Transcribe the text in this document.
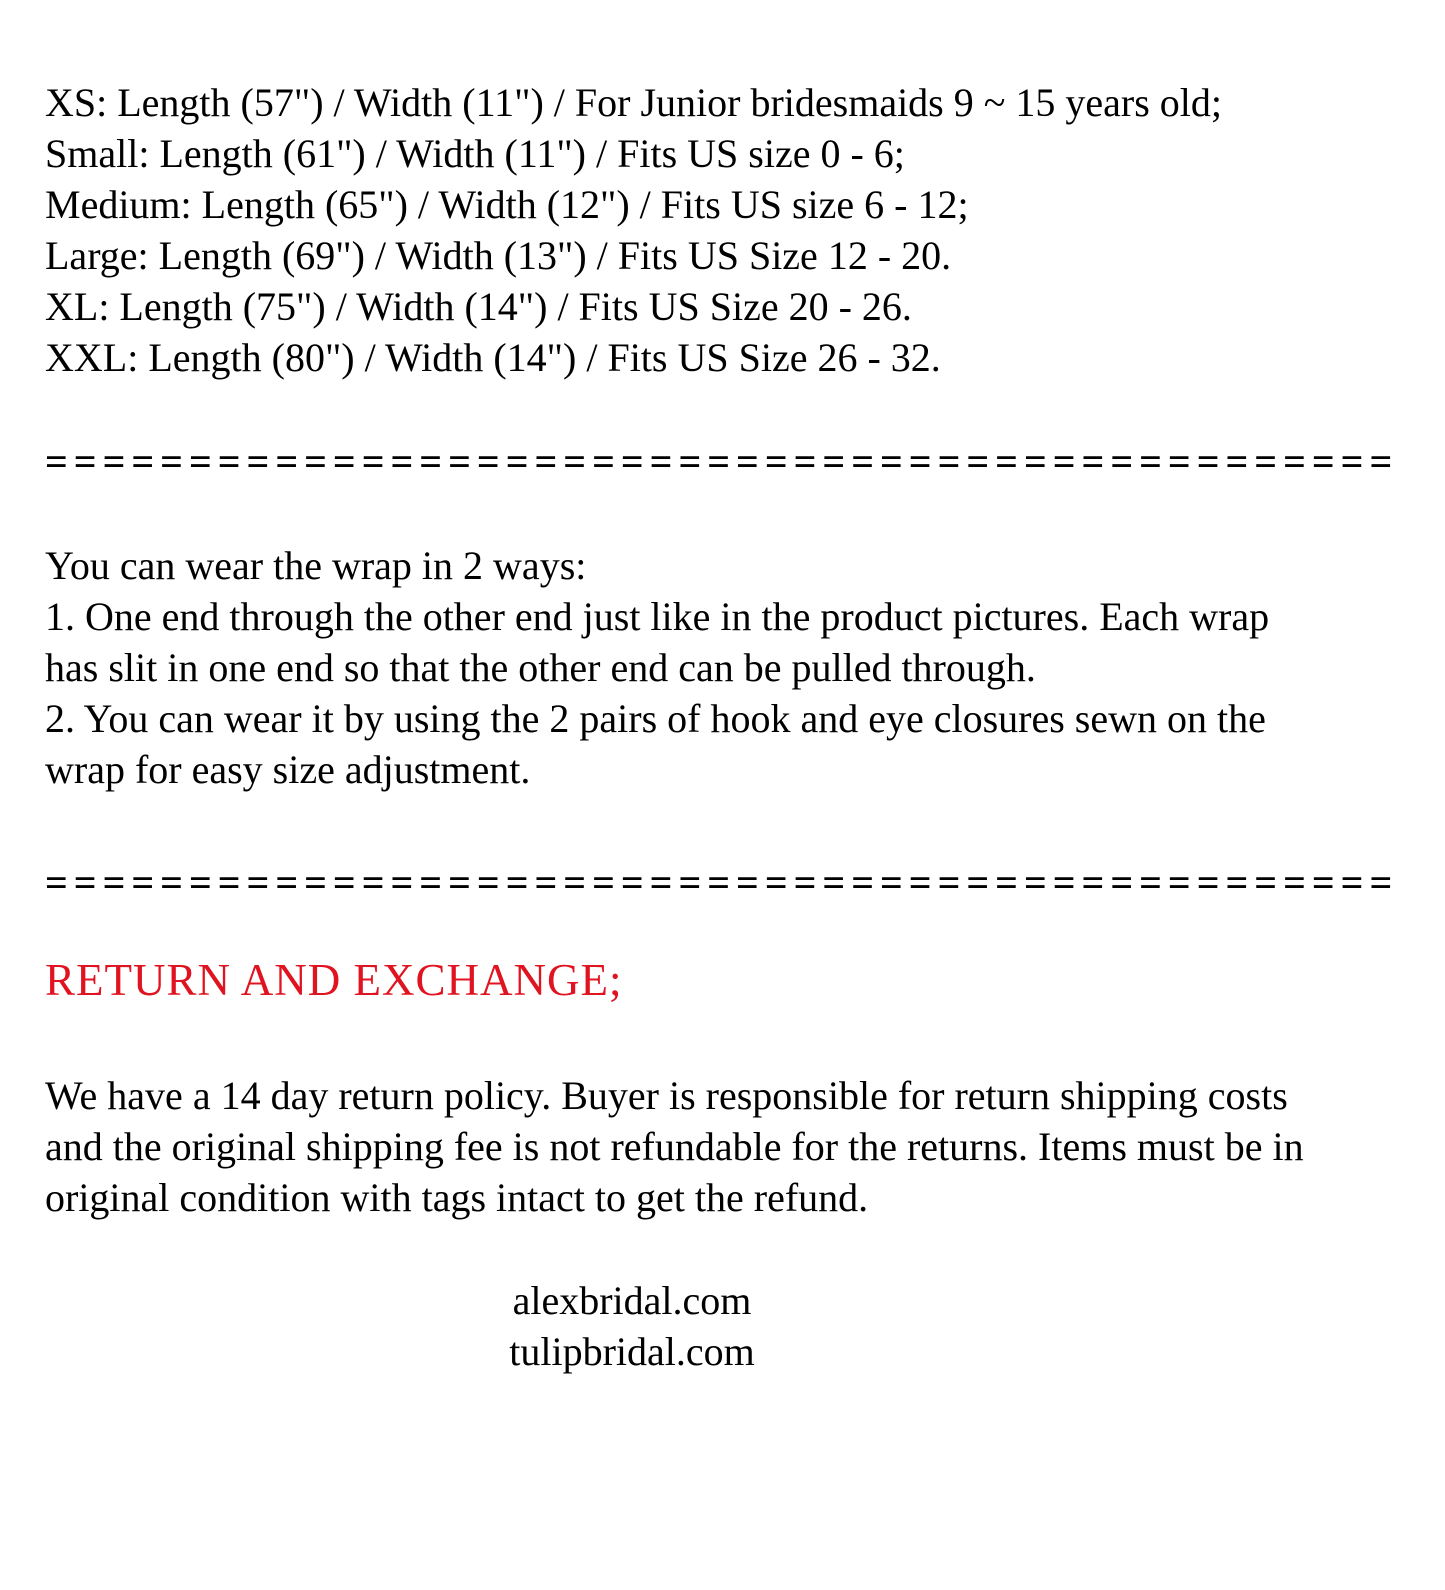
XS: Length (57") / Width (11") / For Junior bridesmaids 9 ~ 15 years old;
Small: Length (61") / Width (11") / Fits US size 0 - 6;
Medium: Length (65") / Width (12") / Fits US size 6 - 12;
Large: Length (69") / Width (13") / Fits US Size 12 - 20.
XL: Length (75") / Width (14") / Fits US Size 20 - 26.
XXL: Length (80") / Width (14") / Fits US Size 26 - 32.
===============================================
You can wear the wrap in 2 ways:
1. One end through the other end just like in the product pictures. Each wrap
has slit in one end so that the other end can be pulled through.
2. You can wear it by using the 2 pairs of hook and eye closures sewn on the
wrap for easy size adjustment.
===============================================
RETURN AND EXCHANGE;
We have a 14 day return policy. Buyer is responsible for return shipping costs
and the original shipping fee is not refundable for the returns. Items must be in
original condition with tags intact to get the refund.
alexbridal.com
tulipbridal.com
